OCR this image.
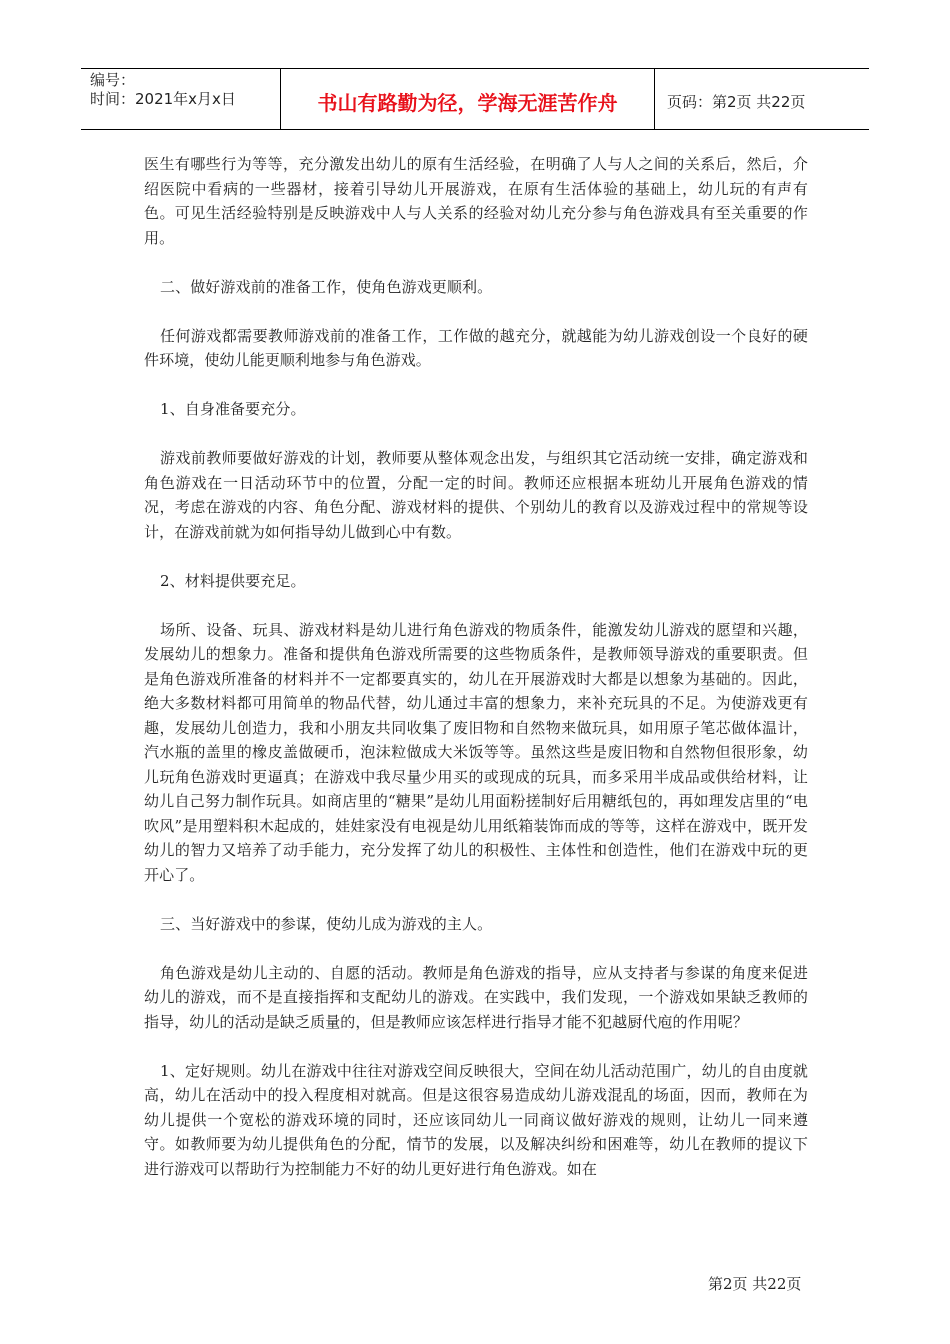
编号：
时间：2021年x月x日	书山有路勤为径，学海无涯苦作舟	页码：第2页 共22页

医生有哪些行为等等，充分激发出幼儿的原有生活经验，在明确了人与人之间的关系后，然后，介绍医院中看病的一些器材，接着引导幼儿开展游戏，在原有生活体验的基础上，幼儿玩的有声有色。可见生活经验特别是反映游戏中人与人关系的经验对幼儿充分参与角色游戏具有至关重要的作用。

二、做好游戏前的准备工作，使角色游戏更顺利。

任何游戏都需要教师游戏前的准备工作，工作做的越充分，就越能为幼儿游戏创设一个良好的硬件环境，使幼儿能更顺利地参与角色游戏。

1、自身准备要充分。

游戏前教师要做好游戏的计划，教师要从整体观念出发，与组织其它活动统一安排，确定游戏和角色游戏在一日活动环节中的位置，分配一定的时间。教师还应根据本班幼儿开展角色游戏的情况，考虑在游戏的内容、角色分配、游戏材料的提供、个别幼儿的教育以及游戏过程中的常规等设计，在游戏前就为如何指导幼儿做到心中有数。

2、材料提供要充足。

场所、设备、玩具、游戏材料是幼儿进行角色游戏的物质条件，能激发幼儿游戏的愿望和兴趣，发展幼儿的想象力。准备和提供角色游戏所需要的这些物质条件，是教师领导游戏的重要职责。但是角色游戏所准备的材料并不一定都要真实的，幼儿在开展游戏时大都是以想象为基础的。因此，绝大多数材料都可用简单的物品代替，幼儿通过丰富的想象力，来补充玩具的不足。为使游戏更有趣，发展幼儿创造力，我和小朋友共同收集了废旧物和自然物来做玩具，如用原子笔芯做体温计，汽水瓶的盖里的橡皮盖做硬币，泡沫粒做成大米饭等等。虽然这些是废旧物和自然物但很形象，幼儿玩角色游戏时更逼真；在游戏中我尽量少用买的或现成的玩具，而多采用半成品或供给材料，让幼儿自己努力制作玩具。如商店里的“糖果”是幼儿用面粉搓制好后用糖纸包的，再如理发店里的“电吹风”是用塑料积木起成的，娃娃家没有电视是幼儿用纸箱装饰而成的等等，这样在游戏中，既开发幼儿的智力又培养了动手能力，充分发挥了幼儿的积极性、主体性和创造性，他们在游戏中玩的更开心了。

三、当好游戏中的参谋，使幼儿成为游戏的主人。

角色游戏是幼儿主动的、自愿的活动。教师是角色游戏的指导，应从支持者与参谋的角度来促进幼儿的游戏，而不是直接指挥和支配幼儿的游戏。在实践中，我们发现，一个游戏如果缺乏教师的指导，幼儿的活动是缺乏质量的，但是教师应该怎样进行指导才能不犯越厨代庖的作用呢？

1、定好规则。幼儿在游戏中往往对游戏空间反映很大，空间在幼儿活动范围广，幼儿的自由度就高，幼儿在活动中的投入程度相对就高。但是这很容易造成幼儿游戏混乱的场面，因而，教师在为幼儿提供一个宽松的游戏环境的同时，还应该同幼儿一同商议做好游戏的规则，让幼儿一同来遵守。如教师要为幼儿提供角色的分配，情节的发展，以及解决纠纷和困难等，幼儿在教师的提议下进行游戏可以帮助行为控制能力不好的幼儿更好进行角色游戏。如在

第2页 共22页
